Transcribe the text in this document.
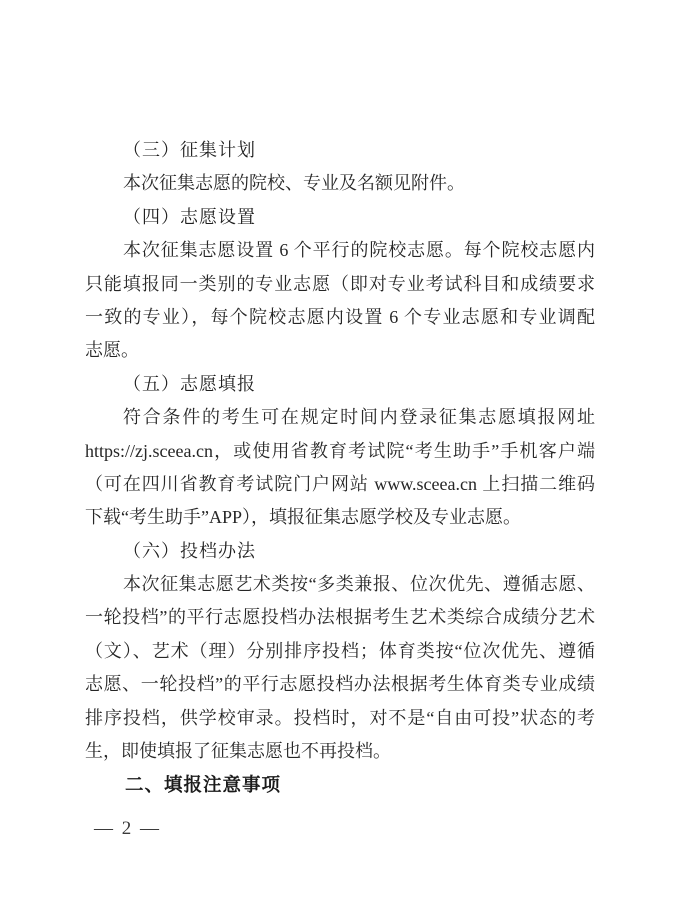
（三）征集计划
本次征集志愿的院校、专业及名额见附件。
（四）志愿设置
本次征集志愿设置 6 个平行的院校志愿。每个院校志愿内
只能填报同一类别的专业志愿（即对专业考试科目和成绩要求
一致的专业），每个院校志愿内设置 6 个专业志愿和专业调配
志愿。
（五）志愿填报
符合条件的考生可在规定时间内登录征集志愿填报网址
https://zj.sceea.cn，或使用省教育考试院“考生助手”手机客户端
（可在四川省教育考试院门户网站 www.sceea.cn 上扫描二维码
下载“考生助手”APP），填报征集志愿学校及专业志愿。
（六）投档办法
本次征集志愿艺术类按“多类兼报、位次优先、遵循志愿、
一轮投档”的平行志愿投档办法根据考生艺术类综合成绩分艺术
（文）、艺术（理）分别排序投档；体育类按“位次优先、遵循
志愿、一轮投档”的平行志愿投档办法根据考生体育类专业成绩
排序投档，供学校审录。投档时，对不是“自由可投”状态的考
生，即使填报了征集志愿也不再投档。
二、填报注意事项
— 2 —
